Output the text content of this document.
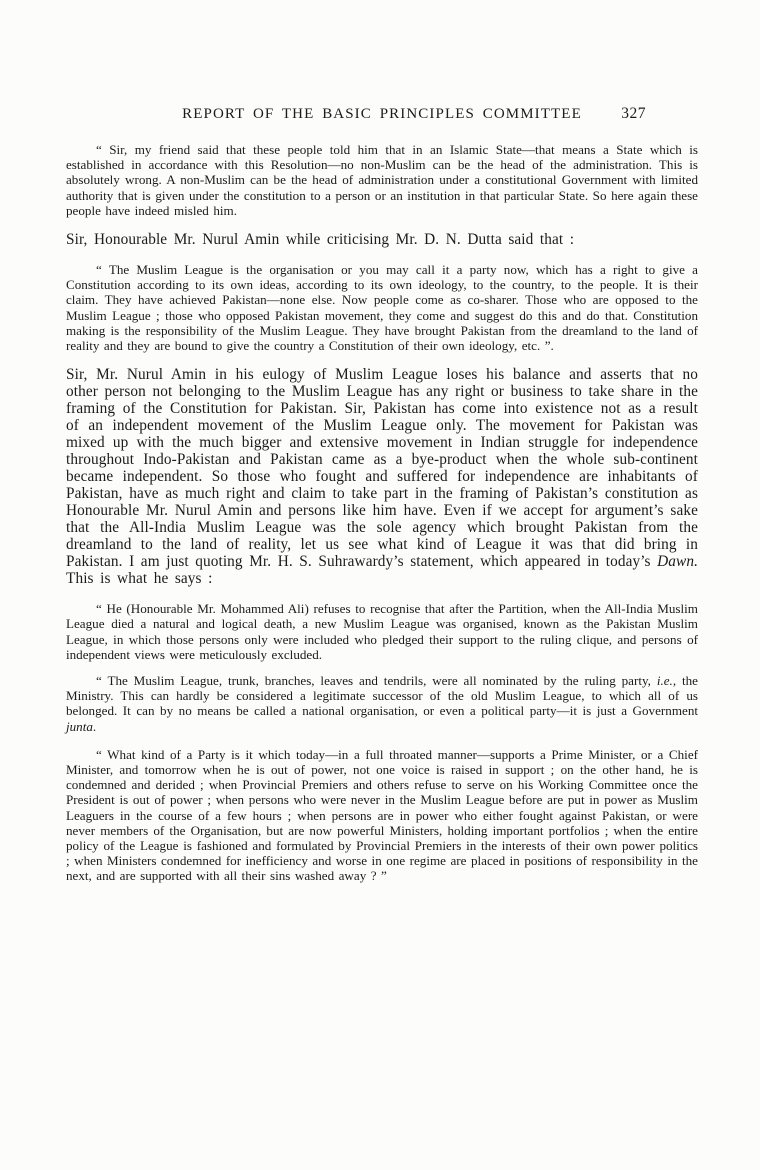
REPORT OF THE BASIC PRINCIPLES COMMITTEE	327

“ Sir, my friend said that these people told him that in an Islamic State—that means a State which is established in accordance with this Resolution—no non-Muslim can be the head of the administration. This is absolutely wrong. A non-Muslim can be the head of administration under a constitutional Government with limited authority that is given under the constitution to a person or an institution in that particular State. So here again these people have indeed misled him.

Sir, Honourable Mr. Nurul Amin while criticising Mr. D. N. Dutta said that :

“ The Muslim League is the organisation or you may call it a party now, which has a right to give a Constitution according to its own ideas, according to its own ideology, to the country, to the people. It is their claim. They have achieved Pakistan—none else. Now people come as co-sharer. Those who are opposed to the Muslim League ; those who opposed Pakistan movement, they come and suggest do this and do that. Constitution making is the responsibility of the Muslim League. They have brought Pakistan from the dreamland to the land of reality and they are bound to give the country a Constitution of their own ideology, etc. ”.

Sir, Mr. Nurul Amin in his eulogy of Muslim League loses his balance and asserts that no other person not belonging to the Muslim League has any right or business to take share in the framing of the Constitution for Pakistan. Sir, Pakistan has come into existence not as a result of an independent movement of the Muslim League only. The movement for Pakistan was mixed up with the much bigger and extensive movement in Indian struggle for independence throughout Indo-Pakistan and Pakistan came as a bye-product when the whole sub-continent became independent. So those who fought and suffered for independence are inhabitants of Pakistan, have as much right and claim to take part in the framing of Pakistan’s constitution as Honourable Mr. Nurul Amin and persons like him have. Even if we accept for argument’s sake that the All-India Muslim League was the sole agency which brought Pakistan from the dreamland to the land of reality, let us see what kind of League it was that did bring in Pakistan. I am just quoting Mr. H. S. Suhrawardy’s statement, which appeared in today’s Dawn. This is what he says :

“ He (Honourable Mr. Mohammed Ali) refuses to recognise that after the Partition, when the All-India Muslim League died a natural and logical death, a new Muslim League was organised, known as the Pakistan Muslim League, in which those persons only were included who pledged their support to the ruling clique, and persons of independent views were meticulously excluded.

“ The Muslim League, trunk, branches, leaves and tendrils, were all nominated by the ruling party, i.e., the Ministry. This can hardly be considered a legitimate successor of the old Muslim League, to which all of us belonged. It can by no means be called a national organisation, or even a political party—it is just a Government junta.

“ What kind of a Party is it which today—in a full throated manner—supports a Prime Minister, or a Chief Minister, and tomorrow when he is out of power, not one voice is raised in support ; on the other hand, he is condemned and derided ; when Provincial Premiers and others refuse to serve on his Working Committee once the President is out of power ; when persons who were never in the Muslim League before are put in power as Muslim Leaguers in the course of a few hours ; when persons are in power who either fought against Pakistan, or were never members of the Organisation, but are now powerful Ministers, holding important portfolios ; when the entire policy of the League is fashioned and formulated by Provincial Premiers in the interests of their own power politics ; when Ministers condemned for inefficiency and worse in one regime are placed in positions of responsibility in the next, and are supported with all their sins washed away ? ”
